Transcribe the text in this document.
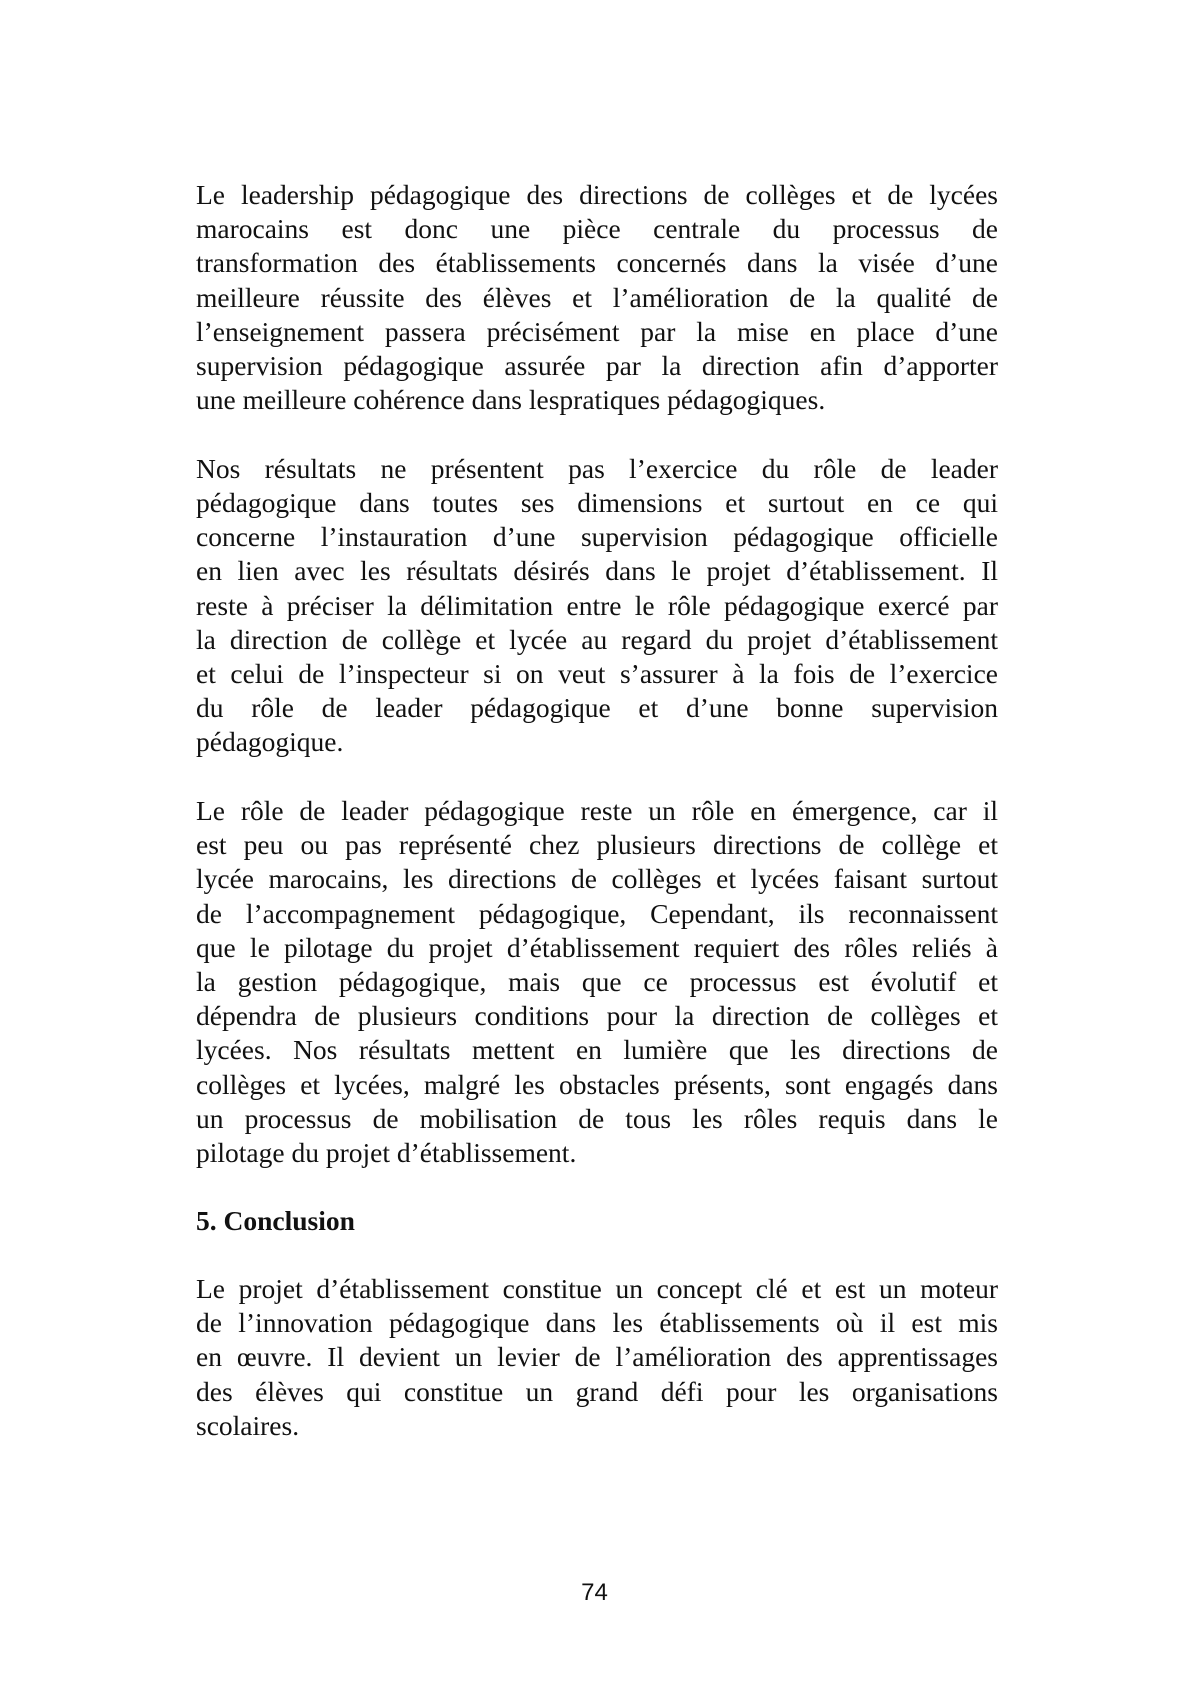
Le leadership pédagogique des directions de collèges et de lycées
marocains est donc une pièce centrale du processus de
transformation des établissements concernés dans la visée d’une
meilleure réussite des élèves et l’amélioration de la qualité de
l’enseignement passera précisément par la mise en place d’une
supervision pédagogique assurée par la direction afin d’apporter
une meilleure cohérence dans lespratiques pédagogiques.

Nos résultats ne présentent pas l’exercice du rôle de leader
pédagogique dans toutes ses dimensions et surtout en ce qui
concerne l’instauration d’une supervision pédagogique officielle
en lien avec les résultats désirés dans le projet d’établissement. Il
reste à préciser la délimitation entre le rôle pédagogique exercé par
la direction de collège et lycée au regard du projet d’établissement
et celui de l’inspecteur si on veut s’assurer à la fois de l’exercice
du rôle de leader pédagogique et d’une bonne supervision
pédagogique.

Le rôle de leader pédagogique reste un rôle en émergence, car il
est peu ou pas représenté chez plusieurs directions de collège et
lycée marocains, les directions de collèges et lycées faisant surtout
de l’accompagnement pédagogique, Cependant, ils reconnaissent
que le pilotage du projet d’établissement requiert des rôles reliés à
la gestion pédagogique, mais que ce processus est évolutif et
dépendra de plusieurs conditions pour la direction de collèges et
lycées. Nos résultats mettent en lumière que les directions de
collèges et lycées, malgré les obstacles présents, sont engagés dans
un processus de mobilisation de tous les rôles requis dans le
pilotage du projet d’établissement.

5. Conclusion

Le projet d’établissement constitue un concept clé et est un moteur
de l’innovation pédagogique dans les établissements où il est mis
en œuvre. Il devient un levier de l’amélioration des apprentissages
des élèves qui constitue un grand défi pour les organisations
scolaires.

74
